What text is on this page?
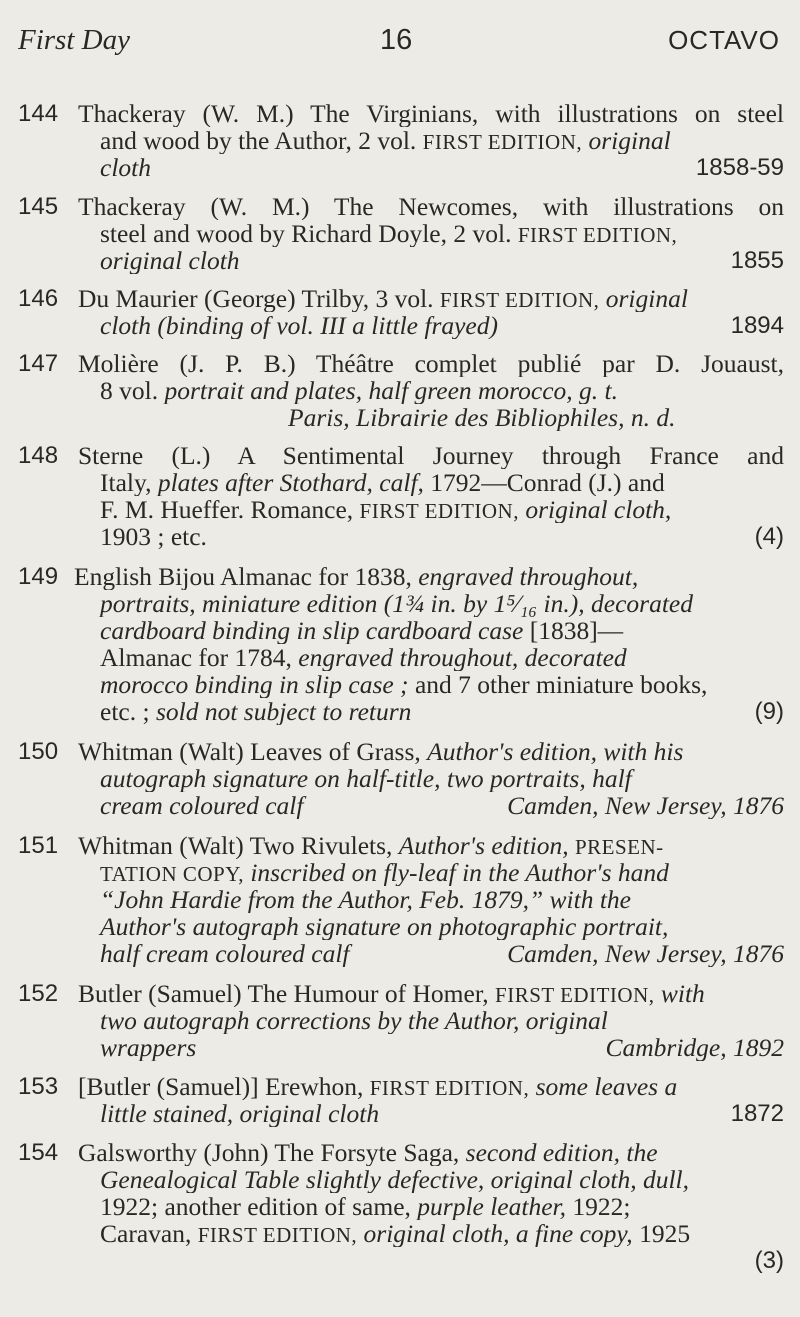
First Day	16	OCTAVO
144 Thackeray (W. M.) The Virginians, with illustrations on steel
and wood by the Author, 2 vol. FIRST EDITION, original
cloth	1858-59
145 Thackeray (W. M.) The Newcomes, with illustrations on
steel and wood by Richard Doyle, 2 vol. FIRST EDITION,
original cloth	1855
146 Du Maurier (George) Trilby, 3 vol. FIRST EDITION, original
cloth (binding of vol. III a little frayed)	1894
147 Molière (J. P. B.) Théâtre complet publié par D. Jouaust,
8 vol. portrait and plates, half green morocco, g. t.
Paris, Librairie des Bibliophiles, n. d.
148 Sterne (L.) A Sentimental Journey through France and
Italy, plates after Stothard, calf, 1792—Conrad (J.) and
F. M. Hueffer. Romance, FIRST EDITION, original cloth,
1903 ; etc.	(4)
149 English Bijou Almanac for 1838, engraved throughout,
portraits, miniature edition (1¾ in. by 1⁵⁄₁₆ in.), decorated
cardboard binding in slip cardboard case [1838]—
Almanac for 1784, engraved throughout, decorated
morocco binding in slip case ; and 7 other miniature books,
etc. ; sold not subject to return	(9)
150 Whitman (Walt) Leaves of Grass, Author's edition, with his
autograph signature on half-title, two portraits, half
cream coloured calf	Camden, New Jersey, 1876
151 Whitman (Walt) Two Rivulets, Author's edition, PRESEN-
TATION COPY, inscribed on fly-leaf in the Author's hand
“John Hardie from the Author, Feb. 1879,” with the
Author's autograph signature on photographic portrait,
half cream coloured calf	Camden, New Jersey, 1876
152 Butler (Samuel) The Humour of Homer, FIRST EDITION, with
two autograph corrections by the Author, original
wrappers	Cambridge, 1892
153 [Butler (Samuel)] Erewhon, FIRST EDITION, some leaves a
little stained, original cloth	1872
154 Galsworthy (John) The Forsyte Saga, second edition, the
Genealogical Table slightly defective, original cloth, dull,
1922; another edition of same, purple leather, 1922;
Caravan, FIRST EDITION, original cloth, a fine copy, 1925
(3)
